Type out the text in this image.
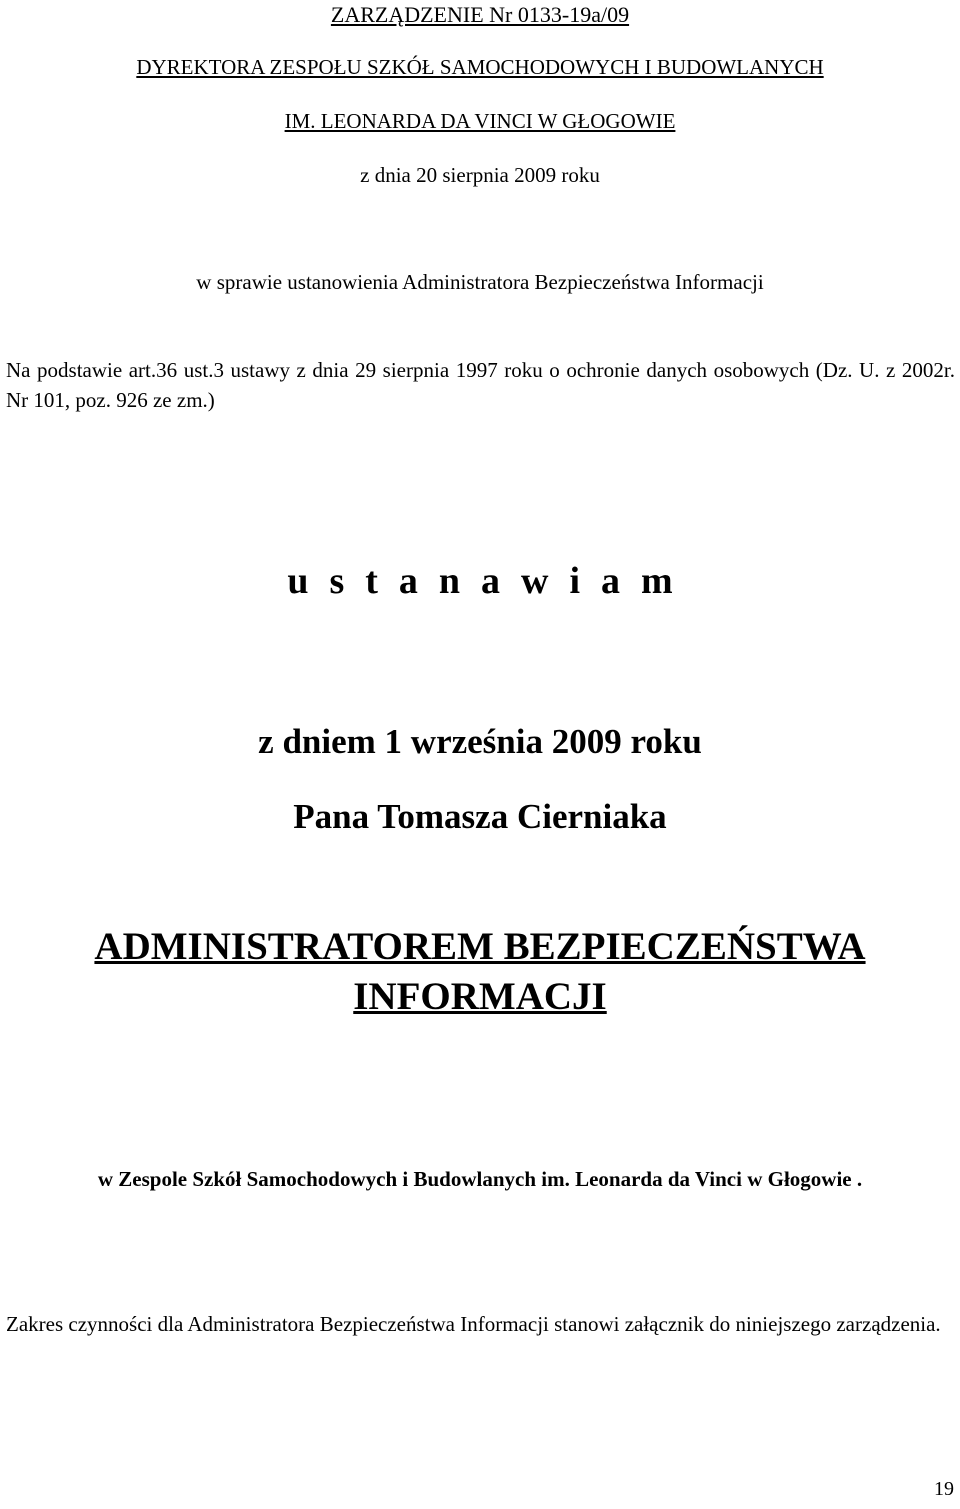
ZARZĄDZENIE Nr 0133-19a/09
DYREKTORA ZESPOŁU SZKÓŁ SAMOCHODOWYCH I BUDOWLANYCH
IM. LEONARDA DA VINCI W GŁOGOWIE
z dnia 20 sierpnia 2009 roku
w sprawie ustanowienia Administratora Bezpieczeństwa Informacji
Na podstawie art.36 ust.3 ustawy z dnia 29 sierpnia 1997 roku o ochronie danych osobowych (Dz. U. z 2002r. Nr 101, poz. 926 ze zm.)
ustanawiam
z dniem 1 września 2009 roku
Pana Tomasza Cierniaka
ADMINISTRATOREM BEZPIECZEŃSTWA
INFORMACJI
w Zespole Szkół Samochodowych i Budowlanych im. Leonarda da Vinci w Głogowie .
Zakres czynności dla Administratora Bezpieczeństwa Informacji stanowi załącznik do niniejszego zarządzenia.
19
